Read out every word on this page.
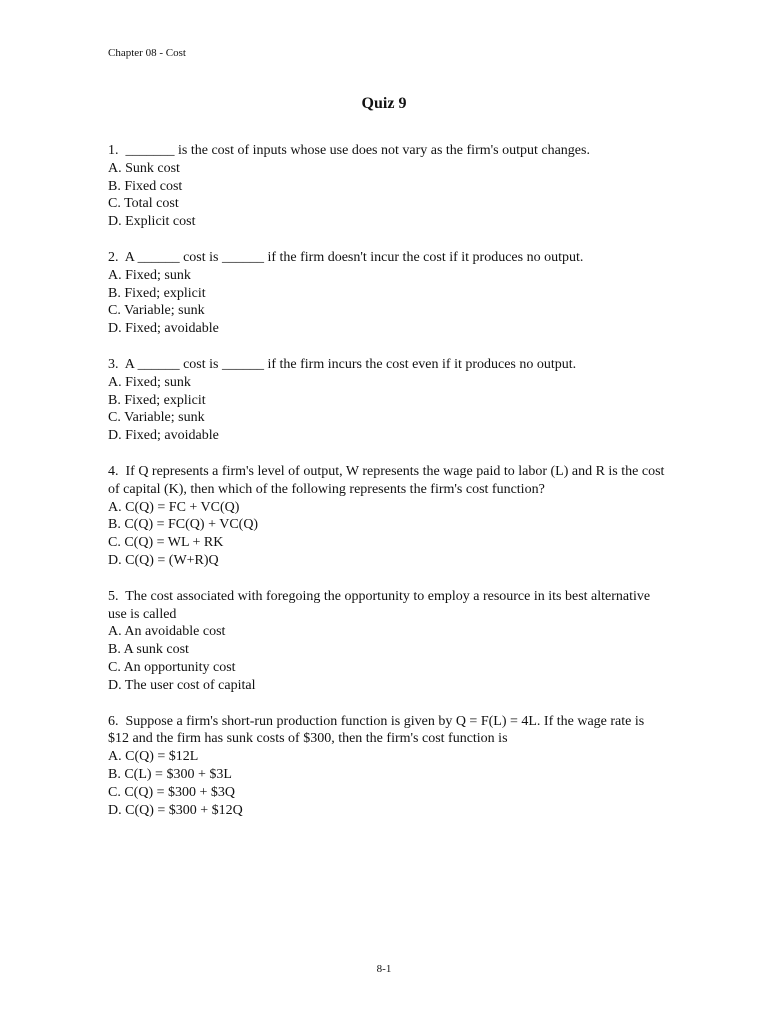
Chapter 08 - Cost
Quiz 9
1.  _______ is the cost of inputs whose use does not vary as the firm's output changes.
A. Sunk cost
B. Fixed cost
C. Total cost
D. Explicit cost
2.  A ______ cost is ______ if the firm doesn't incur the cost if it produces no output.
A. Fixed; sunk
B. Fixed; explicit
C. Variable; sunk
D. Fixed; avoidable
3.  A ______ cost is ______ if the firm incurs the cost even if it produces no output.
A. Fixed; sunk
B. Fixed; explicit
C. Variable; sunk
D. Fixed; avoidable
4.  If Q represents a firm's level of output, W represents the wage paid to labor (L) and R is the cost of capital (K), then which of the following represents the firm's cost function?
A. C(Q) = FC + VC(Q)
B. C(Q) = FC(Q) + VC(Q)
C. C(Q) = WL + RK
D. C(Q) = (W+R)Q
5.  The cost associated with foregoing the opportunity to employ a resource in its best alternative use is called
A. An avoidable cost
B. A sunk cost
C. An opportunity cost
D. The user cost of capital
6.  Suppose a firm's short-run production function is given by Q = F(L) = 4L. If the wage rate is $12 and the firm has sunk costs of $300, then the firm's cost function is
A. C(Q) = $12L
B. C(L) = $300 + $3L
C. C(Q) = $300 + $3Q
D. C(Q) = $300 + $12Q
8-1
